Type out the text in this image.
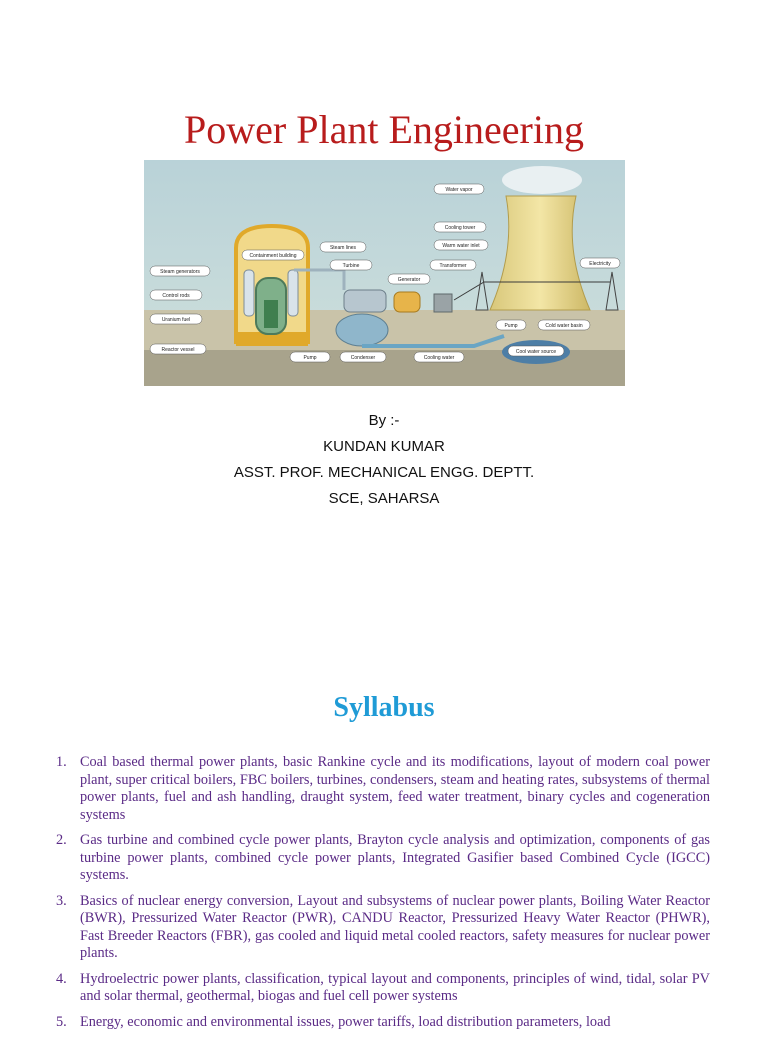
Power Plant Engineering
Containment building
Steam lines
Turbine
Generator
Transformer
Water vapor
Cooling tower
Warm water inlet
Electricity
Steam generators
Control rods
Uranium fuel
Reactor vessel
Pump	Condenser	Cooling water
Pump	Cold water basin
Cool water source
By :-
KUNDAN KUMAR
ASST. PROF. MECHANICAL ENGG. DEPTT.
SCE, SAHARSA
Syllabus
1. Coal based thermal power plants, basic Rankine cycle and its modifications, layout of modern coal power plant, super critical boilers, FBC boilers, turbines, condensers, steam and heating rates, subsystems of thermal power plants, fuel and ash handling, draught system, feed water treatment, binary cycles and cogeneration systems
2. Gas turbine and combined cycle power plants, Brayton cycle analysis and optimization, components of gas turbine power plants, combined cycle power plants, Integrated Gasifier based Combined Cycle (IGCC) systems.
3. Basics of nuclear energy conversion, Layout and subsystems of nuclear power plants, Boiling Water Reactor (BWR), Pressurized Water Reactor (PWR), CANDU Reactor, Pressurized Heavy Water Reactor (PHWR), Fast Breeder Reactors (FBR), gas cooled and liquid metal cooled reactors, safety measures for nuclear power plants.
4. Hydroelectric power plants, classification, typical layout and components, principles of wind, tidal, solar PV and solar thermal, geothermal, biogas and fuel cell power systems
5. Energy, economic and environmental issues, power tariffs, load distribution parameters, load
